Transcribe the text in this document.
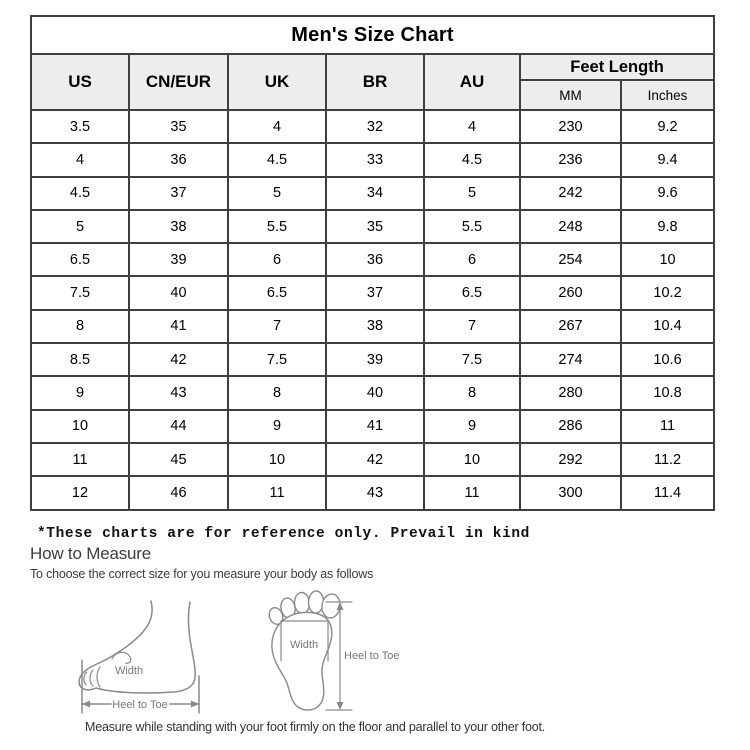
Men's Size Chart						
US	CN/EUR	UK	BR	AU	Feet Length	
					MM	Inches
3.5	35	4	32	4	230	9.2
4	36	4.5	33	4.5	236	9.4
4.5	37	5	34	5	242	9.6
5	38	5.5	35	5.5	248	9.8
6.5	39	6	36	6	254	10
7.5	40	6.5	37	6.5	260	10.2
8	41	7	38	7	267	10.4
8.5	42	7.5	39	7.5	274	10.6
9	43	8	40	8	280	10.8
10	44	9	41	9	286	11
11	45	10	42	10	292	11.2
12	46	11	43	11	300	11.4

*These charts are for reference only. Prevail in kind

How to Measure

To choose the correct size for you measure your body as follows

Width
Heel to Toe
Width
Heel to Toe

Measure while standing with your foot firmly on the floor and parallel to your other foot.
